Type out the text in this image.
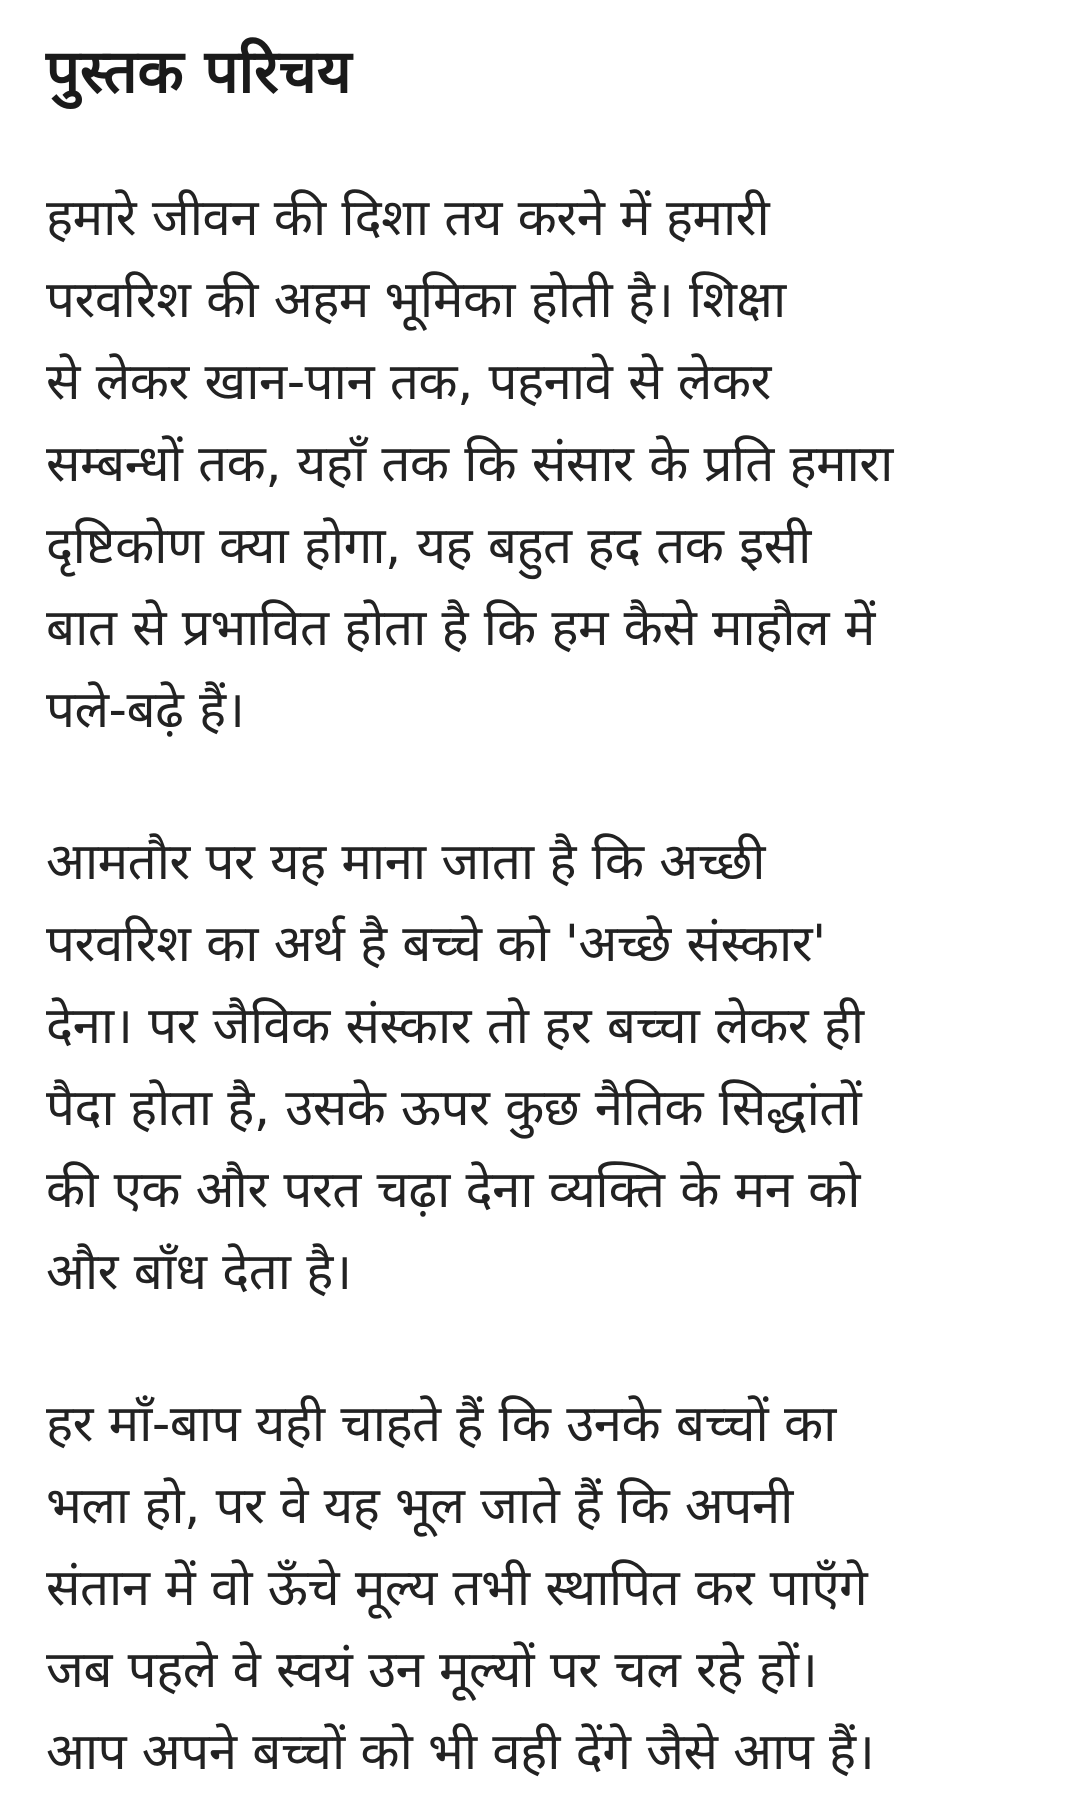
पुस्तक परिचय
हमारे जीवन की दिशा तय करने में हमारी
परवरिश की अहम भूमिका होती है। शिक्षा
से लेकर खान-पान तक, पहनावे से लेकर
सम्बन्धों तक, यहाँ तक कि संसार के प्रति हमारा
दृष्टिकोण क्या होगा, यह बहुत हद तक इसी
बात से प्रभावित होता है कि हम कैसे माहौल में
पले-बढ़े हैं।
आमतौर पर यह माना जाता है कि अच्छी
परवरिश का अर्थ है बच्चे को 'अच्छे संस्कार'
देना। पर जैविक संस्कार तो हर बच्चा लेकर ही
पैदा होता है, उसके ऊपर कुछ नैतिक सिद्धांतों
की एक और परत चढ़ा देना व्यक्ति के मन को
और बाँध देता है।
हर माँ-बाप यही चाहते हैं कि उनके बच्चों का
भला हो, पर वे यह भूल जाते हैं कि अपनी
संतान में वो ऊँचे मूल्य तभी स्थापित कर पाएँगे
जब पहले वे स्वयं उन मूल्यों पर चल रहे हों।
आप अपने बच्चों को भी वही देंगे जैसे आप हैं।
